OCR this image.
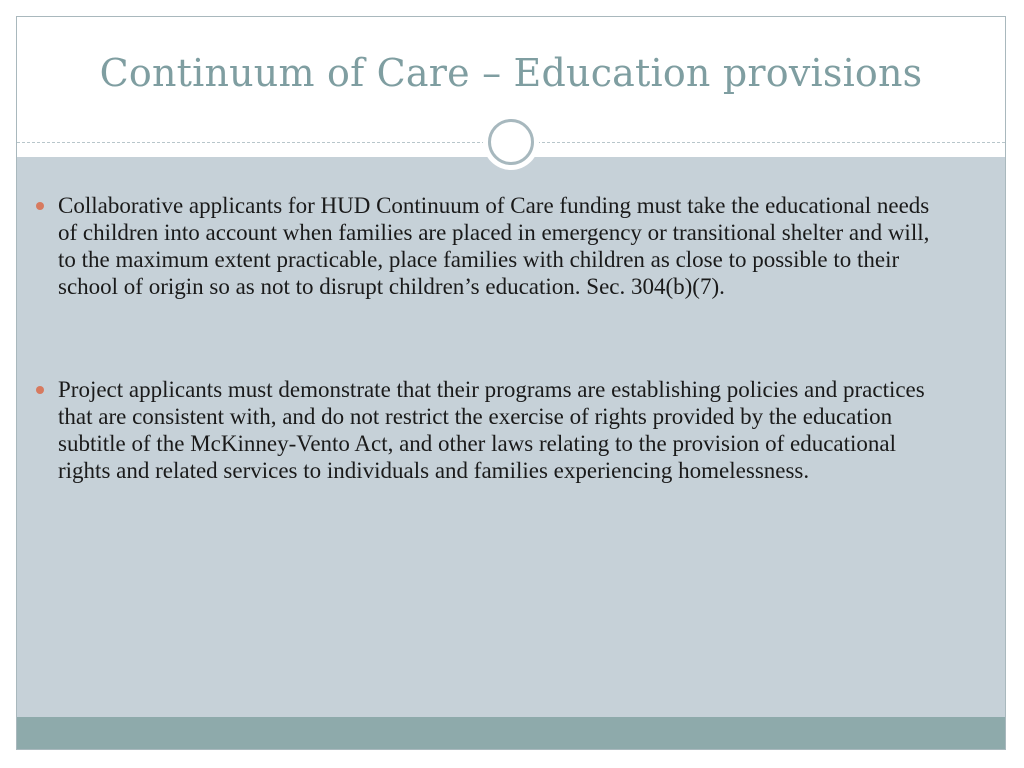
Continuum of Care – Education provisions
Collaborative applicants for HUD Continuum of Care funding must take the educational needs of children into account when families are placed in emergency or transitional shelter and will, to the maximum extent practicable, place families with children as close to possible to their school of origin so as not to disrupt children’s education. Sec. 304(b)(7).
Project applicants must demonstrate that their programs are establishing policies and practices that are consistent with, and do not restrict the exercise of rights provided by the education subtitle of the McKinney-Vento Act, and other laws relating to the provision of educational rights and related services to individuals and families experiencing homelessness.
